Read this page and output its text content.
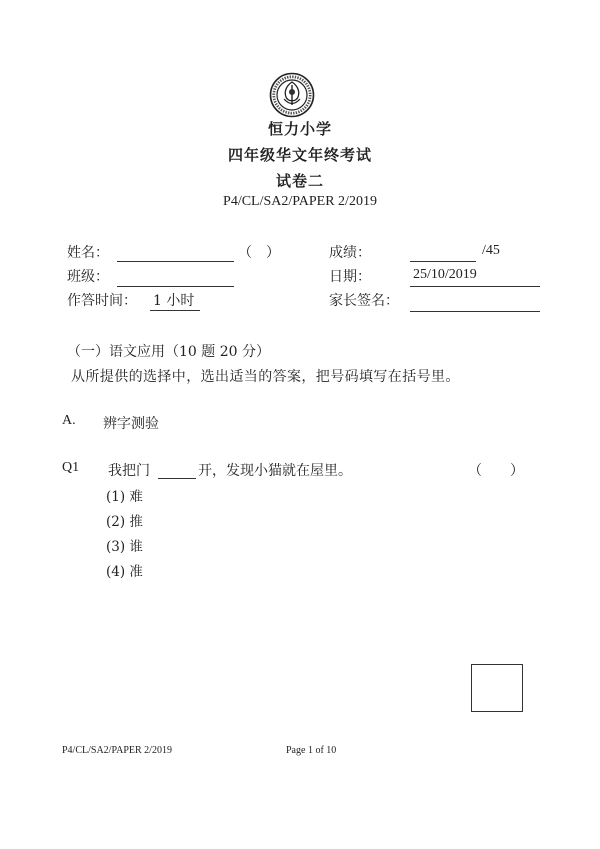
恒力小学
四年级华文年终考试
试卷二
P4/CL/SA2/PAPER 2/2019
姓名：	（　）	成绩：	/45
班级：	日期：	25/10/2019
作答时间： 1 小时	家长签名：
（一）语文应用（10 题 20 分）
从所提供的选择中，选出适当的答案，把号码填写在括号里。
A. 辨字测验
Q1 我把门	开，发现小猫就在屋里。	（　　）
(1) 难
(2) 推
(3) 谁
(4) 准
P4/CL/SA2/PAPER 2/2019	Page 1 of 10
